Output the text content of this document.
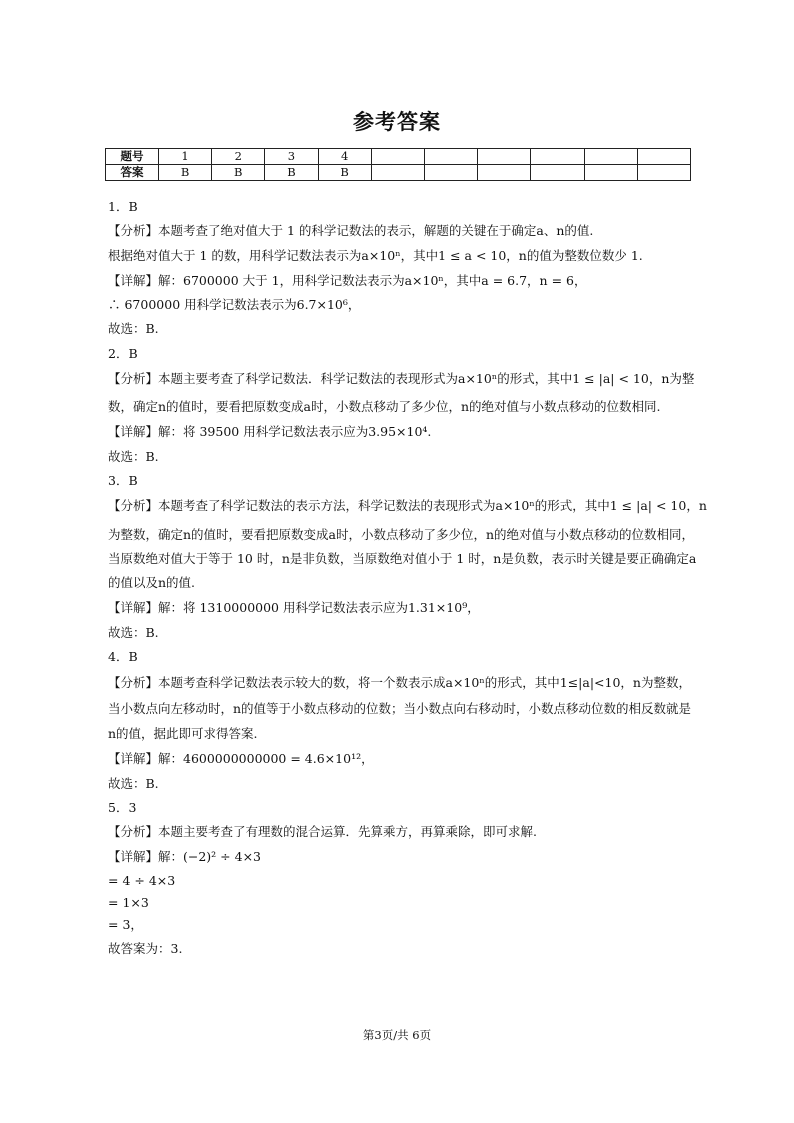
参考答案
题号	1	2	3	4						
答案	B	B	B	B						
1．B
【分析】本题考查了绝对值大于 1 的科学记数法的表示，解题的关键在于确定a、n的值.
根据绝对值大于 1 的数，用科学记数法表示为a×10ⁿ，其中1 ≤ a < 10，n的值为整数位数少 1.
【详解】解：6700000 大于 1，用科学记数法表示为a×10ⁿ，其中a = 6.7，n = 6，
∴ 6700000 用科学记数法表示为6.7×10⁶，
故选：B.
2．B
【分析】本题主要考查了科学记数法．科学记数法的表现形式为a×10ⁿ的形式，其中1 ≤ |a| < 10，n为整
数，确定n的值时，要看把原数变成a时，小数点移动了多少位，n的绝对值与小数点移动的位数相同.
【详解】解：将 39500 用科学记数法表示应为3.95×10⁴.
故选：B.
3．B
【分析】本题考查了科学记数法的表示方法，科学记数法的表现形式为a×10ⁿ的形式，其中1 ≤ |a| < 10，n
为整数，确定n的值时，要看把原数变成a时，小数点移动了多少位，n的绝对值与小数点移动的位数相同，
当原数绝对值大于等于 10 时，n是非负数，当原数绝对值小于 1 时，n是负数，表示时关键是要正确确定a
的值以及n的值.
【详解】解：将 1310000000 用科学记数法表示应为1.31×10⁹，
故选：B.
4．B
【分析】本题考查科学记数法表示较大的数，将一个数表示成a×10ⁿ的形式，其中1≤|a|<10，n为整数，
当小数点向左移动时，n的值等于小数点移动的位数；当小数点向右移动时，小数点移动位数的相反数就是
n的值，据此即可求得答案.
【详解】解：4600000000000 = 4.6×10¹²，
故选：B.
5．3
【分析】本题主要考查了有理数的混合运算．先算乘方，再算乘除，即可求解.
【详解】解：(−2)² ÷ 4×3
= 4 ÷ 4×3
= 1×3
= 3，
故答案为：3.
第3页/共 6页
